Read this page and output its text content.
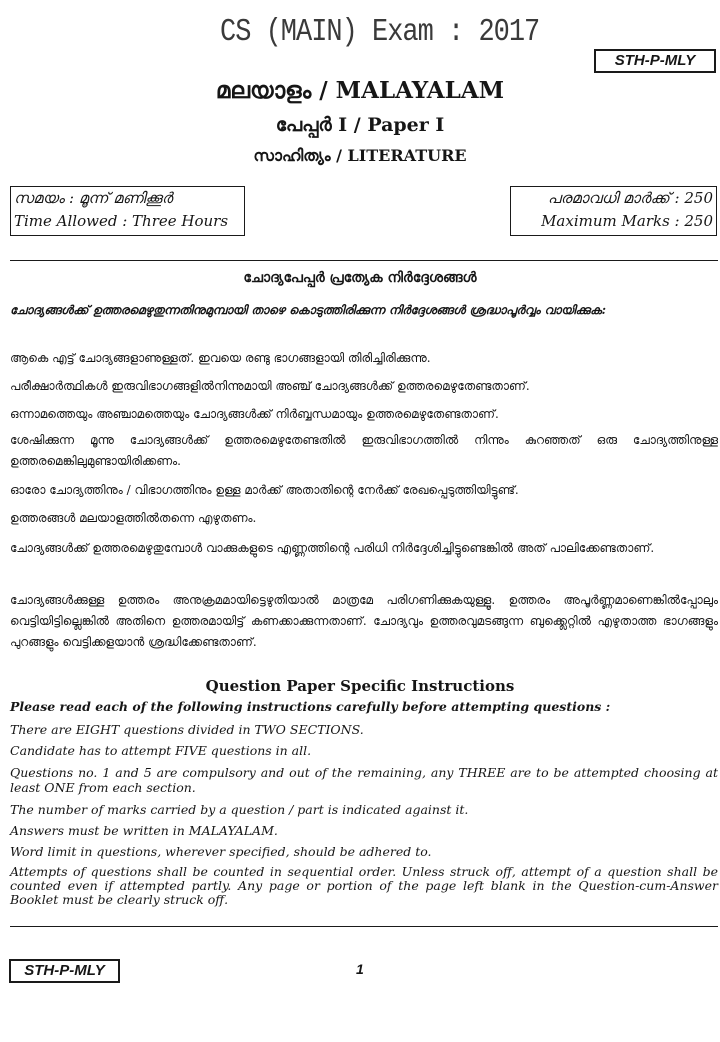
CS (MAIN) Exam : 2017
STH-P-MLY
മലയാളം / MALAYALAM
പേപ്പർ I / Paper I
സാഹിത്യം / LITERATURE
സമയം : മൂന്ന് മണിക്കൂർ
Time Allowed : Three Hours
പരമാവധി മാർക്ക് : 250
Maximum Marks : 250
ചോദ്യപേപ്പർ പ്രത്യേക നിർദ്ദേശങ്ങൾ
ചോദ്യങ്ങൾക്ക് ഉത്തരമെഴുതുന്നതിനുമുമ്പായി താഴെ കൊടുത്തിരിക്കുന്ന നിർദ്ദേശങ്ങൾ ശ്രദ്ധാപൂർവ്വം വായിക്കുക:
ആകെ എട്ട് ചോദ്യങ്ങളാണുള്ളത്. ഇവയെ രണ്ടു ഭാഗങ്ങളായി തിരിച്ചിരിക്കുന്നു.
പരീക്ഷാർത്ഥികൾ ഇരുവിഭാഗങ്ങളിൽനിന്നുമായി അഞ്ച് ചോദ്യങ്ങൾക്ക് ഉത്തരമെഴുതേണ്ടതാണ്.
ഒന്നാമത്തെയും അഞ്ചാമത്തെയും ചോദ്യങ്ങൾക്ക് നിർബ്ബന്ധമായും ഉത്തരമെഴുതേണ്ടതാണ്.
ശേഷിക്കുന്ന മൂന്നു ചോദ്യങ്ങൾക്ക് ഉത്തരമെഴുതേണ്ടതിൽ ഇരുവിഭാഗത്തിൽ നിന്നും കുറഞ്ഞത് ഒരു ചോദ്യത്തിനുള്ള ഉത്തരമെങ്കിലുമുണ്ടായിരിക്കണം.
ഓരോ ചോദ്യത്തിനും / വിഭാഗത്തിനും ഉള്ള മാർക്ക് അതാതിന്റെ നേർക്ക് രേഖപ്പെടുത്തിയിട്ടുണ്ട്.
ഉത്തരങ്ങൾ മലയാളത്തിൽതന്നെ എഴുതണം.
ചോദ്യങ്ങൾക്ക് ഉത്തരമെഴുതുമ്പോൾ വാക്കുകളുടെ എണ്ണത്തിന്റെ പരിധി നിർദ്ദേശിച്ചിട്ടുണ്ടെങ്കിൽ അത് പാലിക്കേണ്ടതാണ്.
ചോദ്യങ്ങൾക്കുള്ള ഉത്തരം അനുക്രമമായിട്ടെഴുതിയാൽ മാത്രമേ പരിഗണിക്കുകയുള്ളൂ. ഉത്തരം അപൂർണ്ണമാണെങ്കിൽപ്പോലും വെട്ടിയിട്ടില്ലെങ്കിൽ അതിനെ ഉത്തരമായിട്ട് കണക്കാക്കുന്നതാണ്. ചോദ്യവും ഉത്തരവുമടങ്ങുന്ന ബുക്ക്ലെറ്റിൽ എഴുതാത്ത ഭാഗങ്ങളും പുറങ്ങളും വെട്ടിക്കളയാൻ ശ്രദ്ധിക്കേണ്ടതാണ്.
Question Paper Specific Instructions
Please read each of the following instructions carefully before attempting questions :
There are EIGHT questions divided in TWO SECTIONS.
Candidate has to attempt FIVE questions in all.
Questions no. 1 and 5 are compulsory and out of the remaining, any THREE are to be attempted choosing at least ONE from each section.
The number of marks carried by a question / part is indicated against it.
Answers must be written in MALAYALAM.
Word limit in questions, wherever specified, should be adhered to.
Attempts of questions shall be counted in sequential order. Unless struck off, attempt of a question shall be counted even if attempted partly. Any page or portion of the page left blank in the Question-cum-Answer Booklet must be clearly struck off.
STH-P-MLY	1
